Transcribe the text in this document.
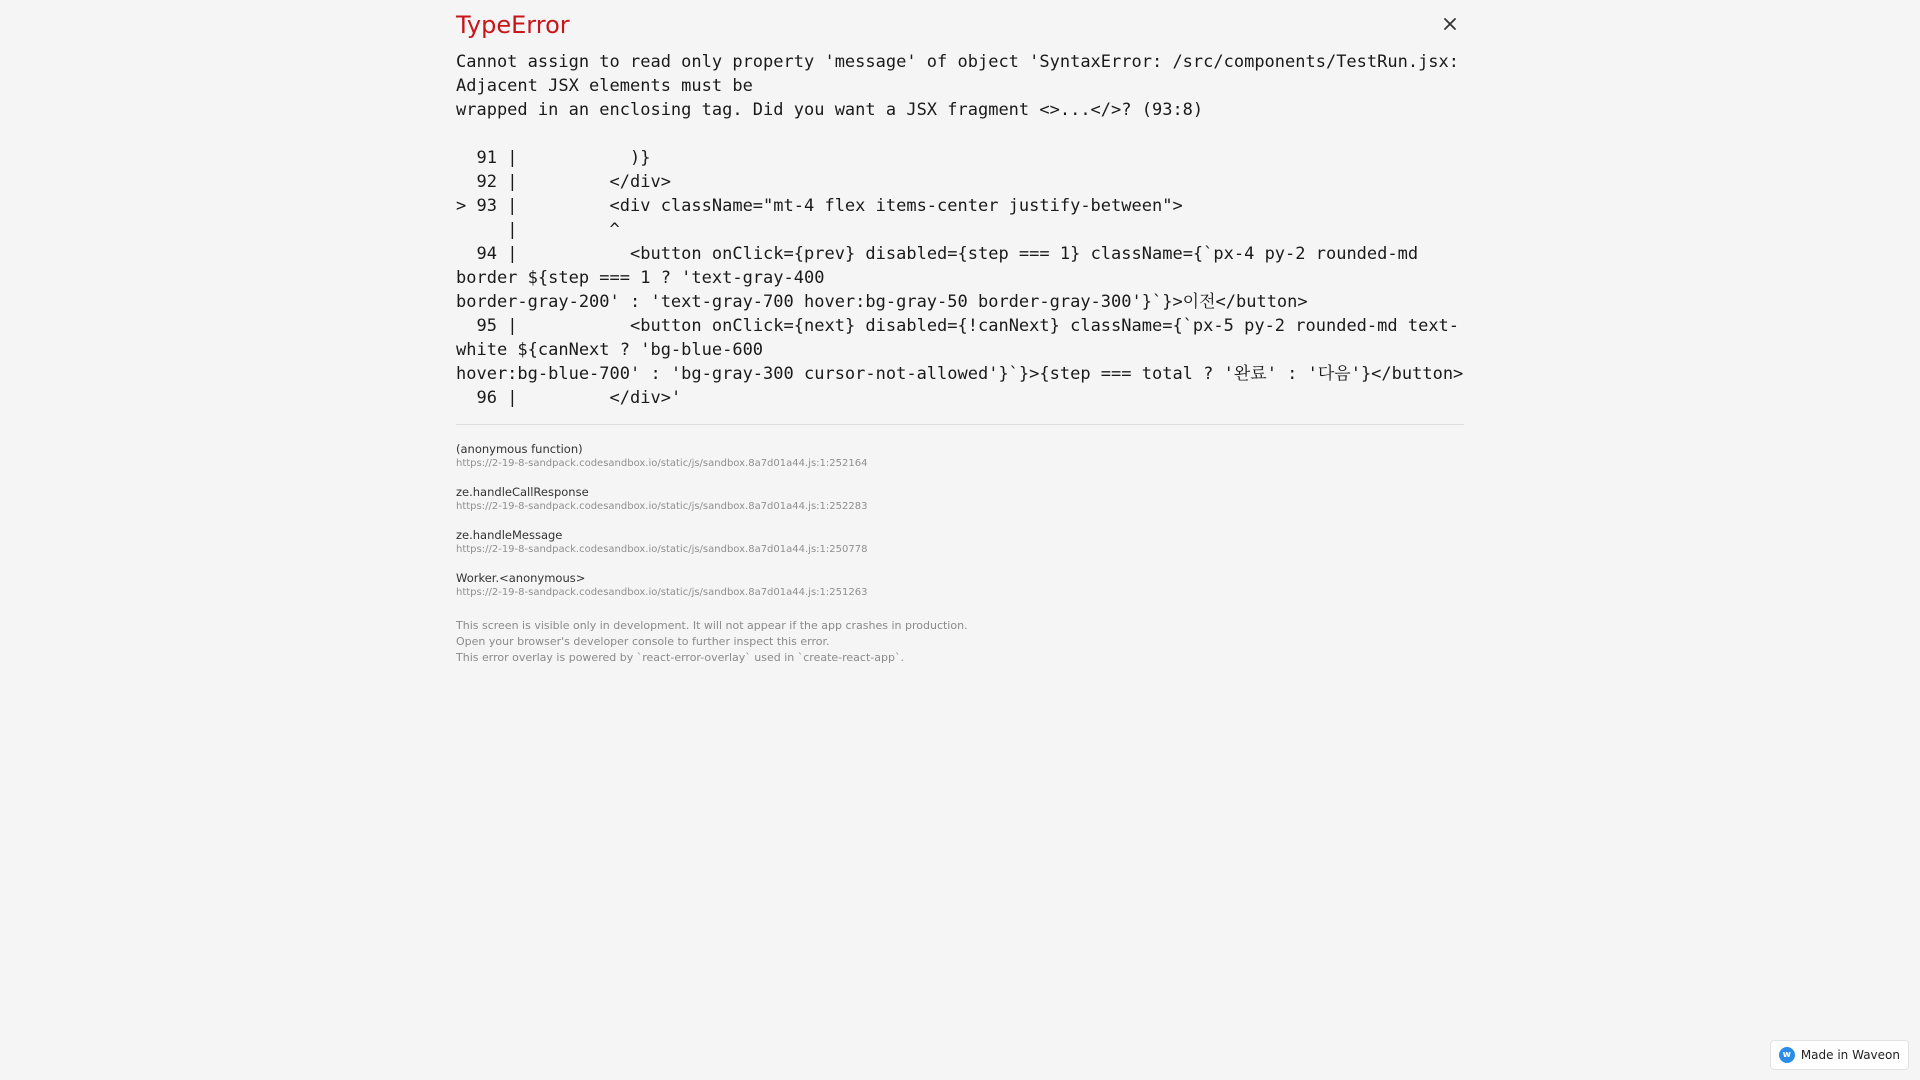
TypeError
Cannot assign to read only property 'message' of object 'SyntaxError: /src/components/TestRun.jsx: Adjacent JSX elements must be
wrapped in an enclosing tag. Did you want a JSX fragment <>...</>? (93:8)
91 |           )}
92 |         </div>
> 93 |         <div className="mt-4 flex items-center justify-between">
|         ^
94 |           <button onClick={prev} disabled={step === 1} className={`px-4 py-2 rounded-md border ${step === 1 ? 'text-gray-400
border-gray-200' : 'text-gray-700 hover:bg-gray-50 border-gray-300'}`}>이전</button>
95 |           <button onClick={next} disabled={!canNext} className={`px-5 py-2 rounded-md text-white ${canNext ? 'bg-blue-600
hover:bg-blue-700' : 'bg-gray-300 cursor-not-allowed'}`}>{step === total ? '완료' : '다음'}</button>
96 |         </div>'
(anonymous function)
https://2-19-8-sandpack.codesandbox.io/static/js/sandbox.8a7d01a44.js:1:252164
ze.handleCallResponse
https://2-19-8-sandpack.codesandbox.io/static/js/sandbox.8a7d01a44.js:1:252283
ze.handleMessage
https://2-19-8-sandpack.codesandbox.io/static/js/sandbox.8a7d01a44.js:1:250778
Worker.<anonymous>
https://2-19-8-sandpack.codesandbox.io/static/js/sandbox.8a7d01a44.js:1:251263
This screen is visible only in development. It will not appear if the app crashes in production.
Open your browser's developer console to further inspect this error.
This error overlay is powered by `react-error-overlay` used in `create-react-app`.
w Made in Waveon
